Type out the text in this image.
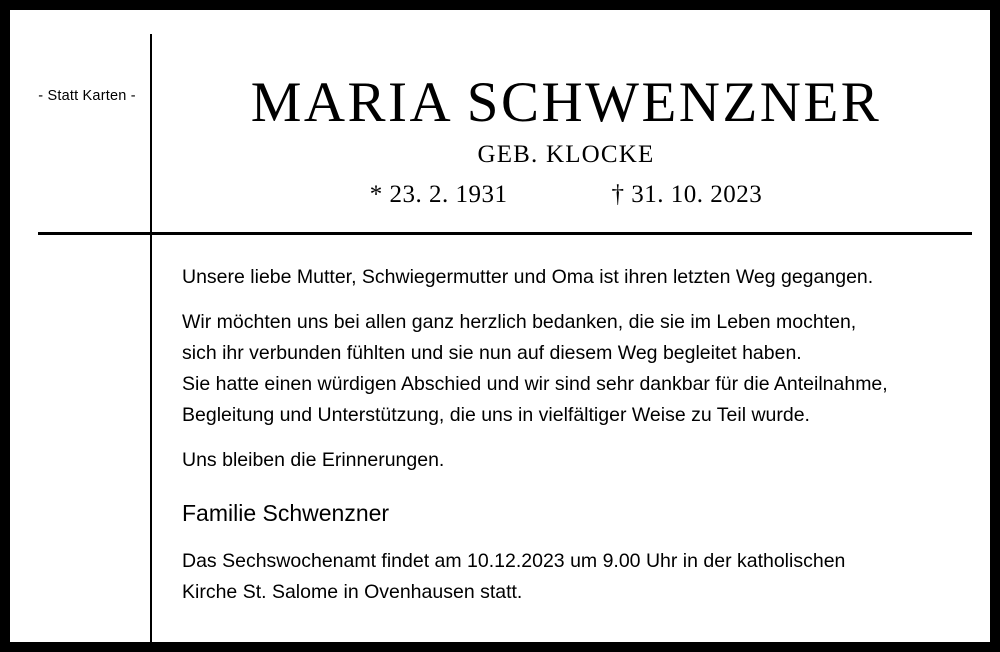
- Statt Karten -	MARIA SCHWENZNER
GEB. KLOCKE
* 23. 2. 1931	† 31. 10. 2023

Unsere liebe Mutter, Schwiegermutter und Oma ist ihren letzten Weg gegangen.

Wir möchten uns bei allen ganz herzlich bedanken, die sie im Leben mochten,
sich ihr verbunden fühlten und sie nun auf diesem Weg begleitet haben.
Sie hatte einen würdigen Abschied und wir sind sehr dankbar für die Anteilnahme,
Begleitung und Unterstützung, die uns in vielfältiger Weise zu Teil wurde.

Uns bleiben die Erinnerungen.

Familie Schwenzner

Das Sechswochenamt findet am 10.12.2023 um 9.00 Uhr in der katholischen
Kirche St. Salome in Ovenhausen statt.
